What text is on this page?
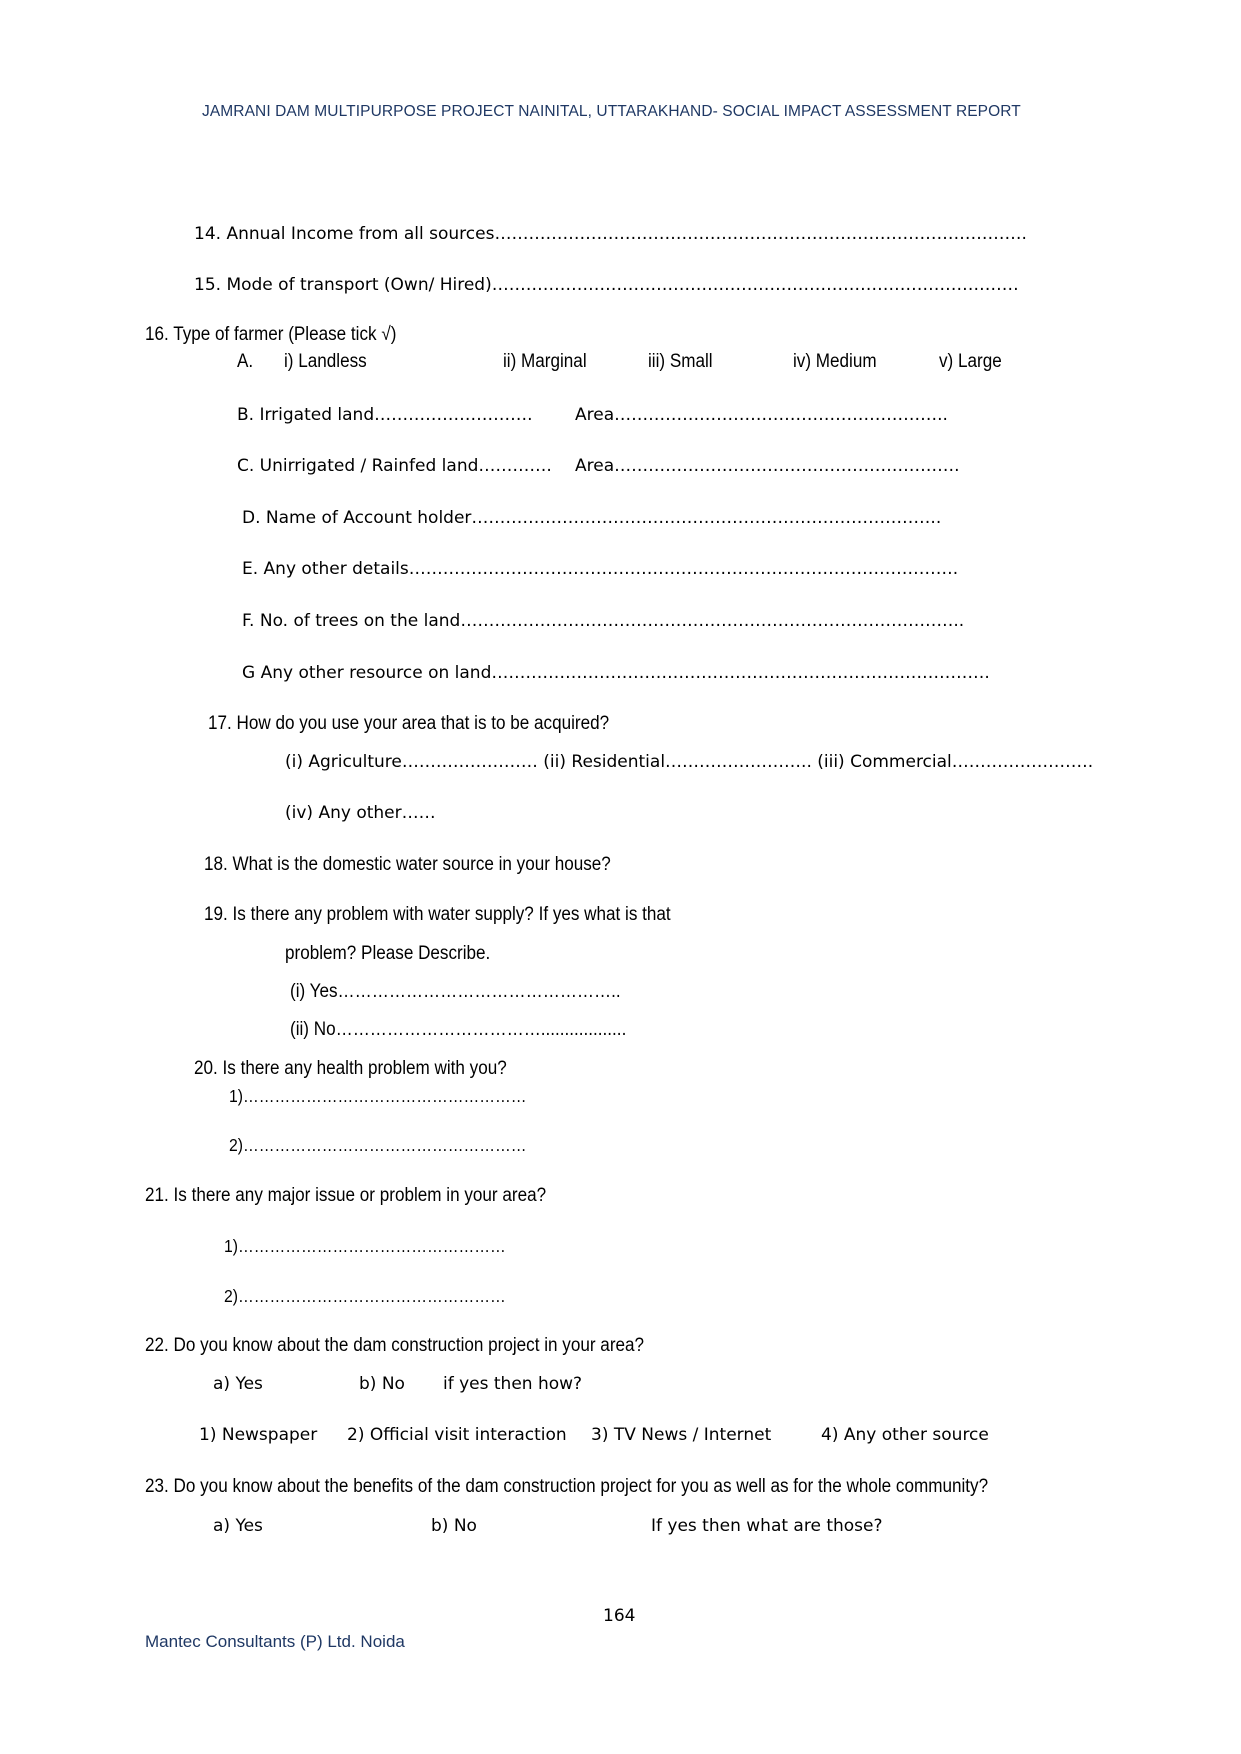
JAMRANI DAM MULTIPURPOSE PROJECT NAINITAL, UTTARAKHAND- SOCIAL IMPACT ASSESSMENT REPORT
14. Annual Income from all sources………………………………………………………………………………….
15. Mode of transport (Own/ Hired)…………………………………………………………………………………
16. Type of farmer (Please tick √)
A. i) Landless	ii) Marginal	iii) Small	iv) Medium	v) Large
B. Irrigated land………………………. Area…………………………………………………..
C. Unirrigated / Rainfed land…………. Area…………………………………………………….
D. Name of Account holder………………………………………………………………………..
E. Any other details…………………………………………………………………………………….
F. No. of trees on the land……………………………………………………………………………..
G Any other resource on land…………………………………………………………………………….
17. How do you use your area that is to be acquired?
(i) Agriculture…………………… (ii) Residential…………………….. (iii) Commercial…………………….
(iv) Any other……
18. What is the domestic water source in your house?
19. Is there any problem with water supply? If yes what is that
problem? Please Describe.
(i) Yes…………………………………………..
(ii) No………………………………..................
20. Is there any health problem with you?
1)………………………………………………
2)………………………………………………
21. Is there any major issue or problem in your area?
1)……………………………………………
2)……………………………………………
22. Do you know about the dam construction project in your area?
a) Yes	b) No if yes then how?
1) Newspaper 2) Official visit interaction 3) TV News / Internet	4) Any other source
23. Do you know about the benefits of the dam construction project for you as well as for the whole community?
a) Yes	b) No	If yes then what are those?
164
Mantec Consultants (P) Ltd. Noida
